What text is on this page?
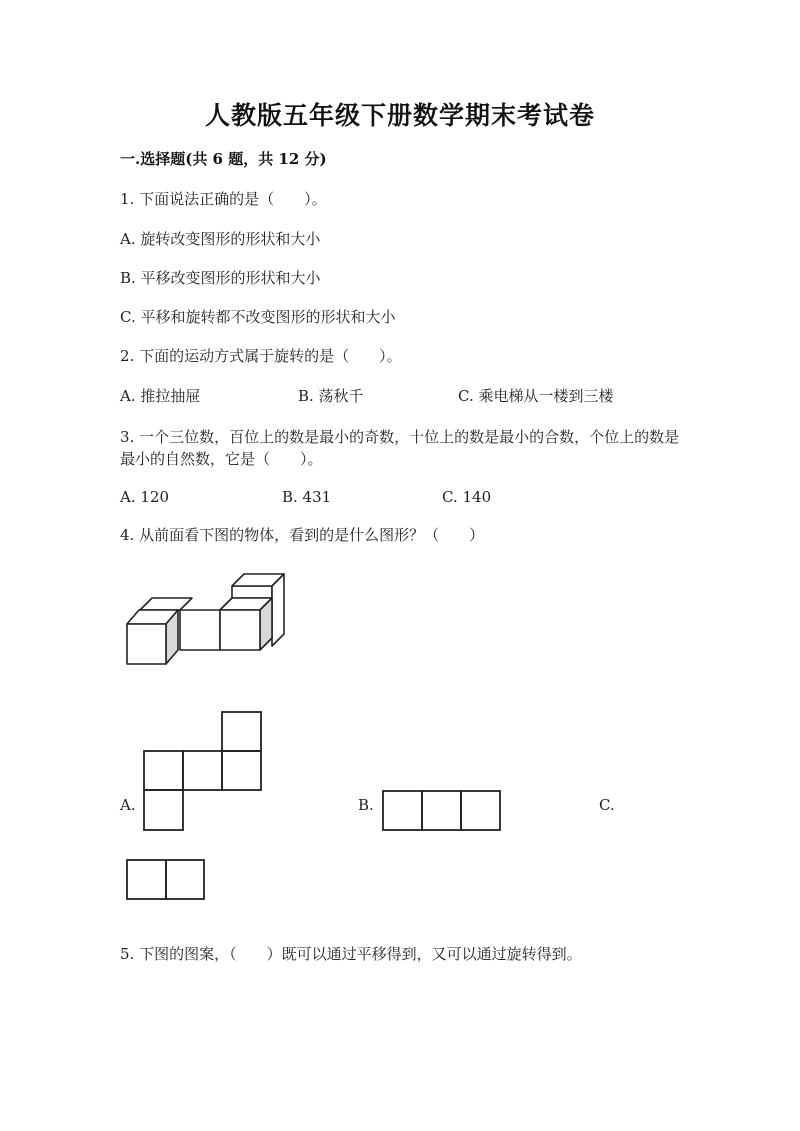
人教版五年级下册数学期末考试卷
一.选择题(共 6 题，共 12 分)
1. 下面说法正确的是（　　）。
A. 旋转改变图形的形状和大小
B. 平移改变图形的形状和大小
C. 平移和旋转都不改变图形的形状和大小
2. 下面的运动方式属于旋转的是（　　）。
A. 推拉抽屉	B. 荡秋千	C. 乘电梯从一楼到三楼
3. 一个三位数，百位上的数是最小的奇数，十位上的数是最小的合数，个位上的数是最小的自然数，它是（　　）。
A. 120	B. 431	C. 140
4. 从前面看下图的物体，看到的是什么图形？（　　）
A.	B.	C.
5. 下图的图案，（　　）既可以通过平移得到，又可以通过旋转得到。
